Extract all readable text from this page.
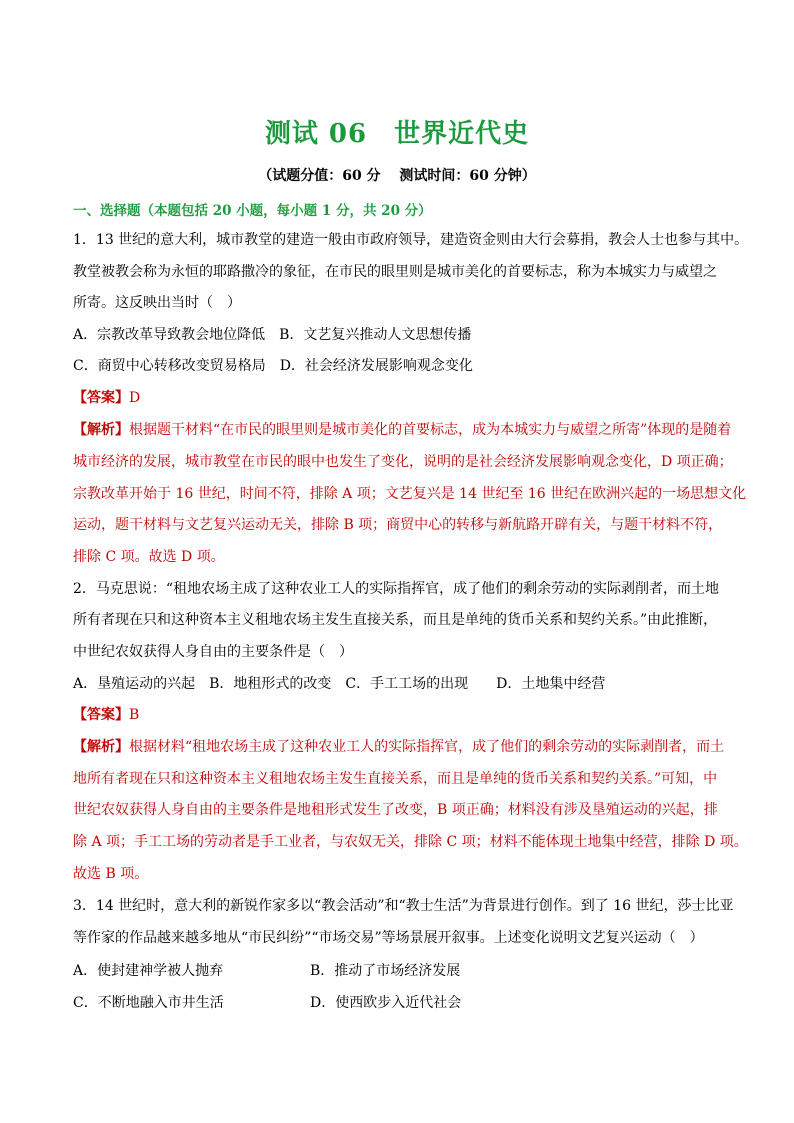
测试 06　世界近代史
（试题分值：60 分　 测试时间：60 分钟）
一、选择题（本题包括 20 小题，每小题 1 分，共 20 分）
1．13 世纪的意大利，城市教堂的建造一般由市政府领导，建造资金则由大行会募捐，教会人士也参与其中。
教堂被教会称为永恒的耶路撒冷的象征，在市民的眼里则是城市美化的首要标志，称为本城实力与威望之
所寄。这反映出当时（　）
A．宗教改革导致教会地位降低　B．文艺复兴推动人文思想传播
C．商贸中心转移改变贸易格局　D．社会经济发展影响观念变化
【答案】D
【解析】根据题干材料“在市民的眼里则是城市美化的首要标志，成为本城实力与威望之所寄”体现的是随着
城市经济的发展，城市教堂在市民的眼中也发生了变化，说明的是社会经济发展影响观念变化，D 项正确；
宗教改革开始于 16 世纪，时间不符，排除 A 项；文艺复兴是 14 世纪至 16 世纪在欧洲兴起的一场思想文化
运动，题干材料与文艺复兴运动无关，排除 B 项；商贸中心的转移与新航路开辟有关，与题干材料不符，
排除 C 项。故选 D 项。
2．马克思说：“租地农场主成了这种农业工人的实际指挥官，成了他们的剩余劳动的实际剥削者，而土地
所有者现在只和这种资本主义租地农场主发生直接关系，而且是单纯的货币关系和契约关系。”由此推断，
中世纪农奴获得人身自由的主要条件是（　）
A．垦殖运动的兴起　B．地租形式的改变　C．手工工场的出现　　D．土地集中经营
【答案】B
【解析】根据材料“租地农场主成了这种农业工人的实际指挥官，成了他们的剩余劳动的实际剥削者，而土
地所有者现在只和这种资本主义租地农场主发生直接关系，而且是单纯的货币关系和契约关系。”可知，中
世纪农奴获得人身自由的主要条件是地租形式发生了改变，B 项正确；材料没有涉及垦殖运动的兴起，排
除 A 项；手工工场的劳动者是手工业者，与农奴无关，排除 C 项；材料不能体现土地集中经营，排除 D 项。
故选 B 项。
3．14 世纪时，意大利的新锐作家多以“教会活动”和“教士生活”为背景进行创作。到了 16 世纪，莎士比亚
等作家的作品越来越多地从“市民纠纷”“市场交易”等场景展开叙事。上述变化说明文艺复兴运动（　）
A．使封建神学被人抛弃	B．推动了市场经济发展
C．不断地融入市井生活	D．使西欧步入近代社会
